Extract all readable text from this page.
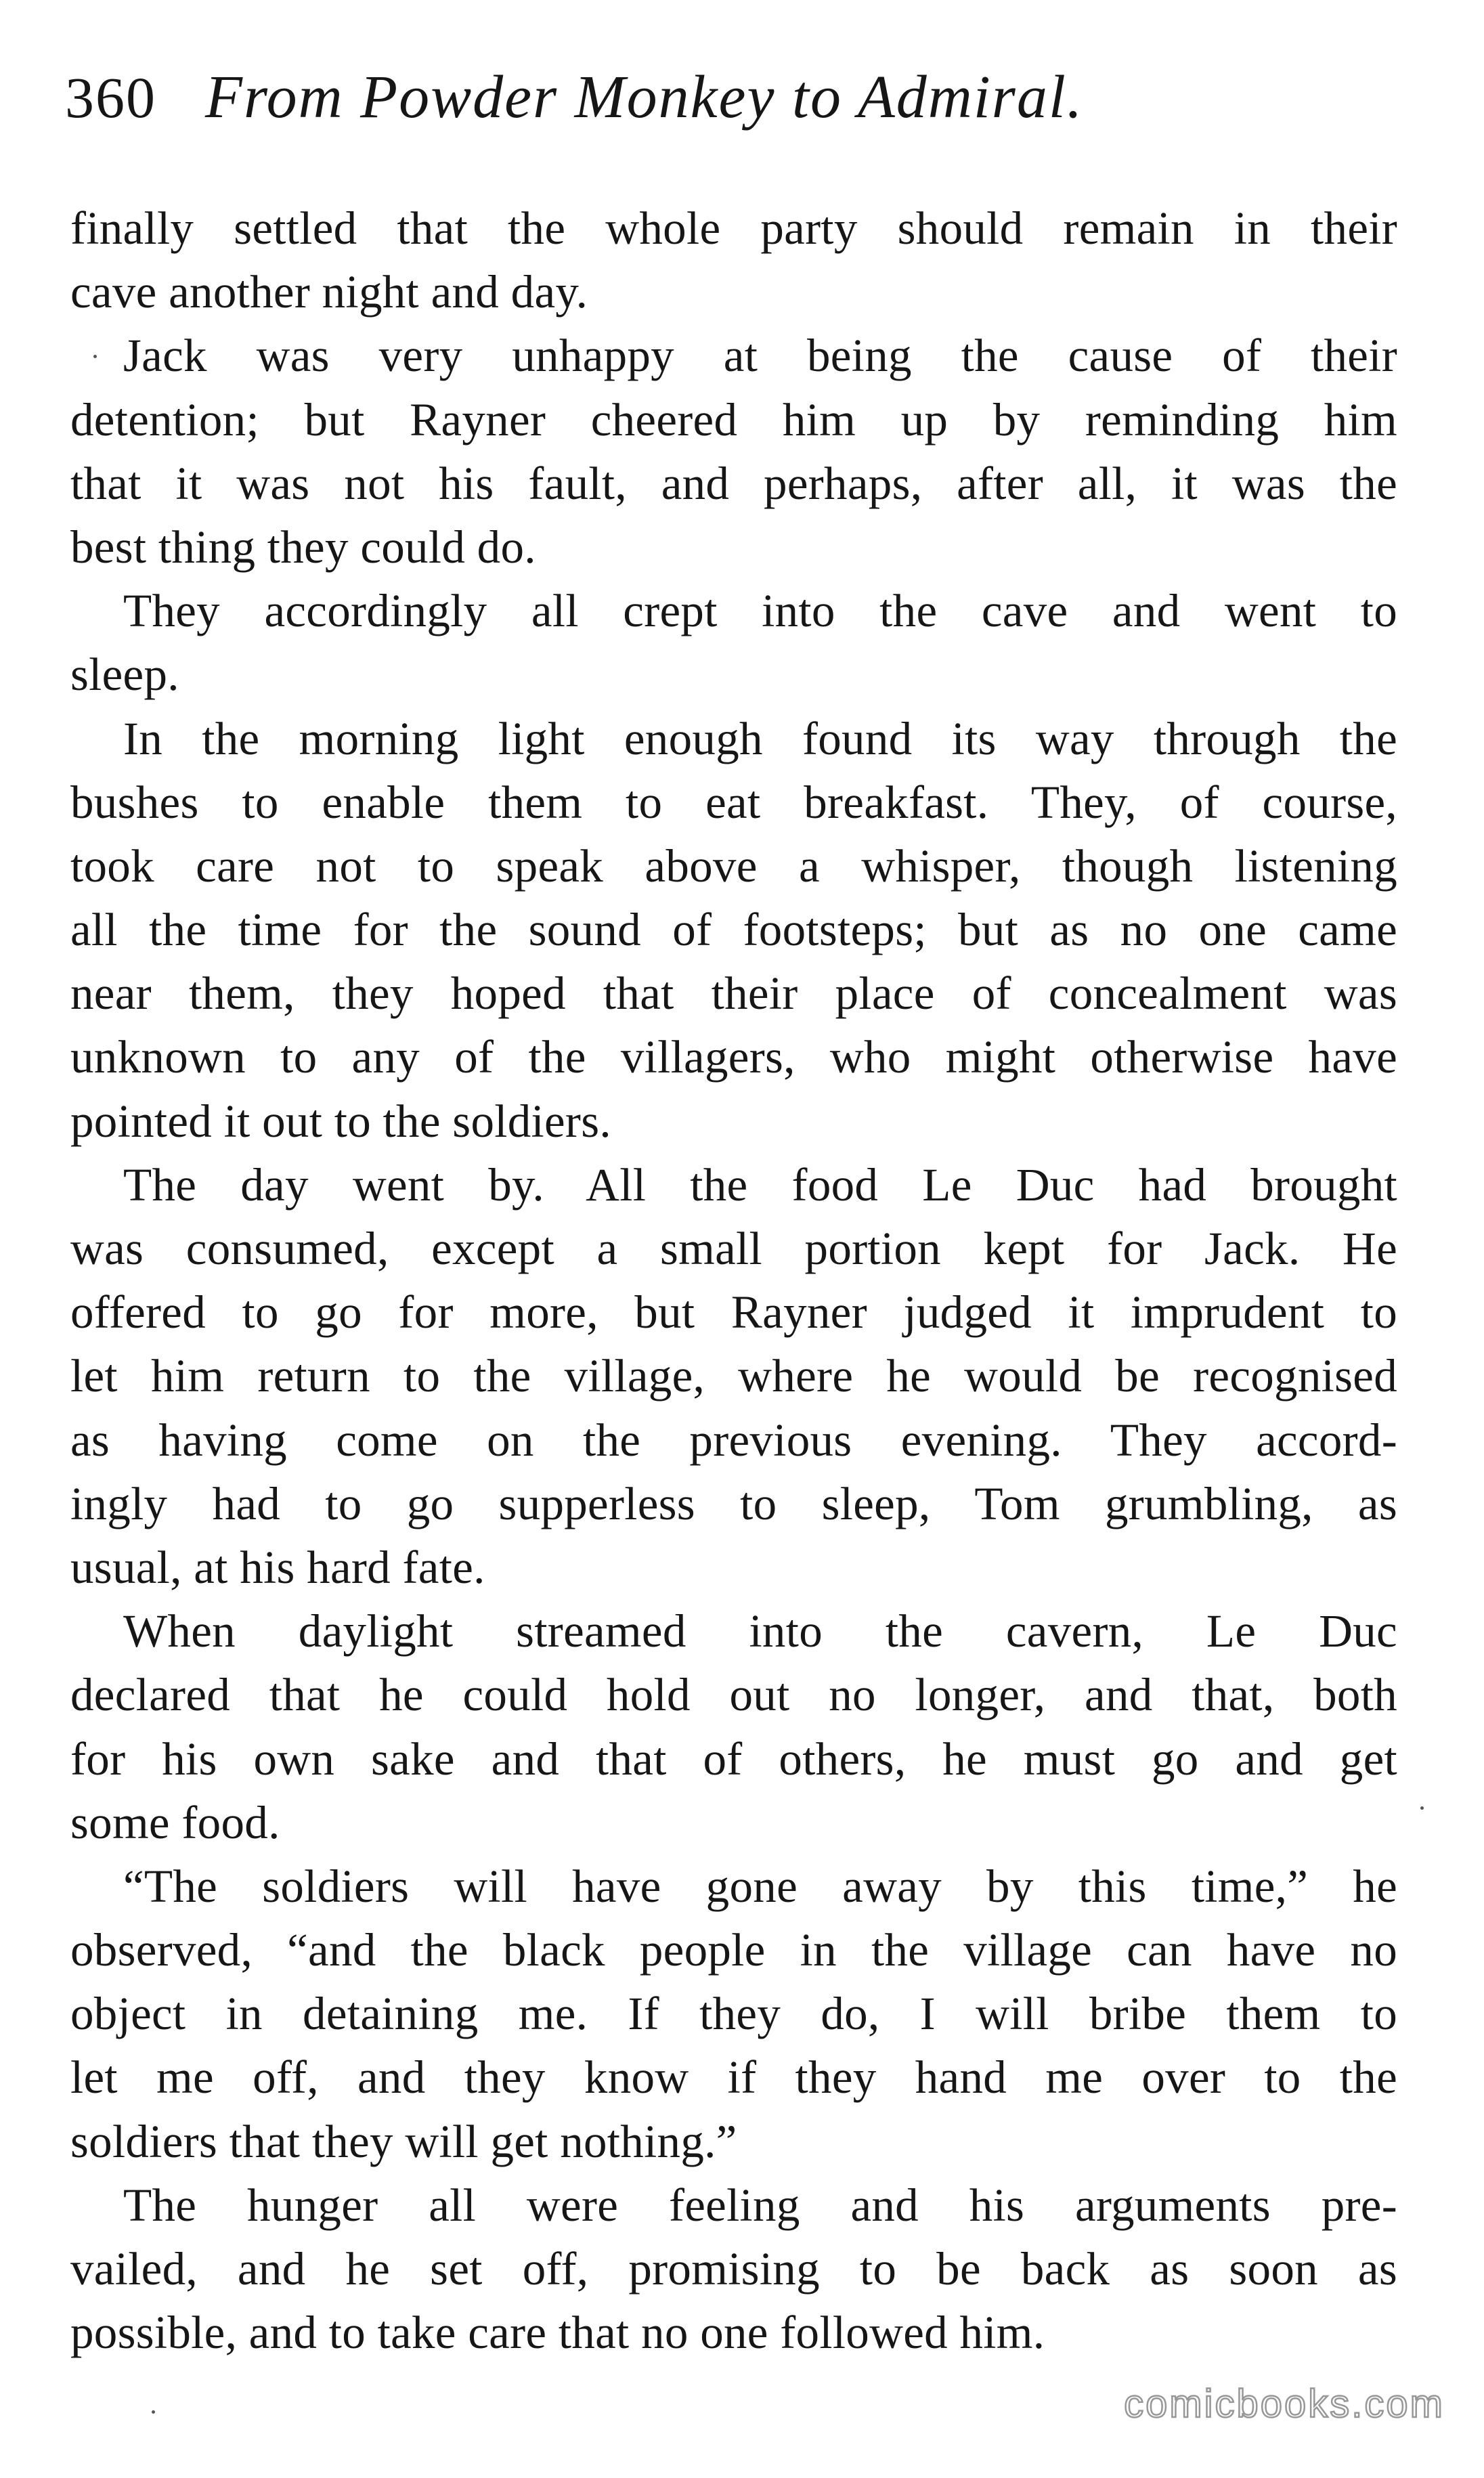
360 From Powder Monkey to Admiral.
finally settled that the whole party should remain in their
cave another night and day.
Jack was very unhappy at being the cause of their
detention; but Rayner cheered him up by reminding him
that it was not his fault, and perhaps, after all, it was the
best thing they could do.
They accordingly all crept into the cave and went to
sleep.
In the morning light enough found its way through the
bushes to enable them to eat breakfast. They, of course,
took care not to speak above a whisper, though listening
all the time for the sound of footsteps; but as no one came
near them, they hoped that their place of concealment was
unknown to any of the villagers, who might otherwise have
pointed it out to the soldiers.
The day went by. All the food Le Duc had brought
was consumed, except a small portion kept for Jack. He
offered to go for more, but Rayner judged it imprudent to
let him return to the village, where he would be recognised
as having come on the previous evening. They accord-
ingly had to go supperless to sleep, Tom grumbling, as
usual, at his hard fate.
When daylight streamed into the cavern, Le Duc
declared that he could hold out no longer, and that, both
for his own sake and that of others, he must go and get
some food.
“The soldiers will have gone away by this time,” he
observed, “and the black people in the village can have no
object in detaining me. If they do, I will bribe them to
let me off, and they know if they hand me over to the
soldiers that they will get nothing.”
The hunger all were feeling and his arguments pre-
vailed, and he set off, promising to be back as soon as
possible, and to take care that no one followed him.
comicbooks.com
